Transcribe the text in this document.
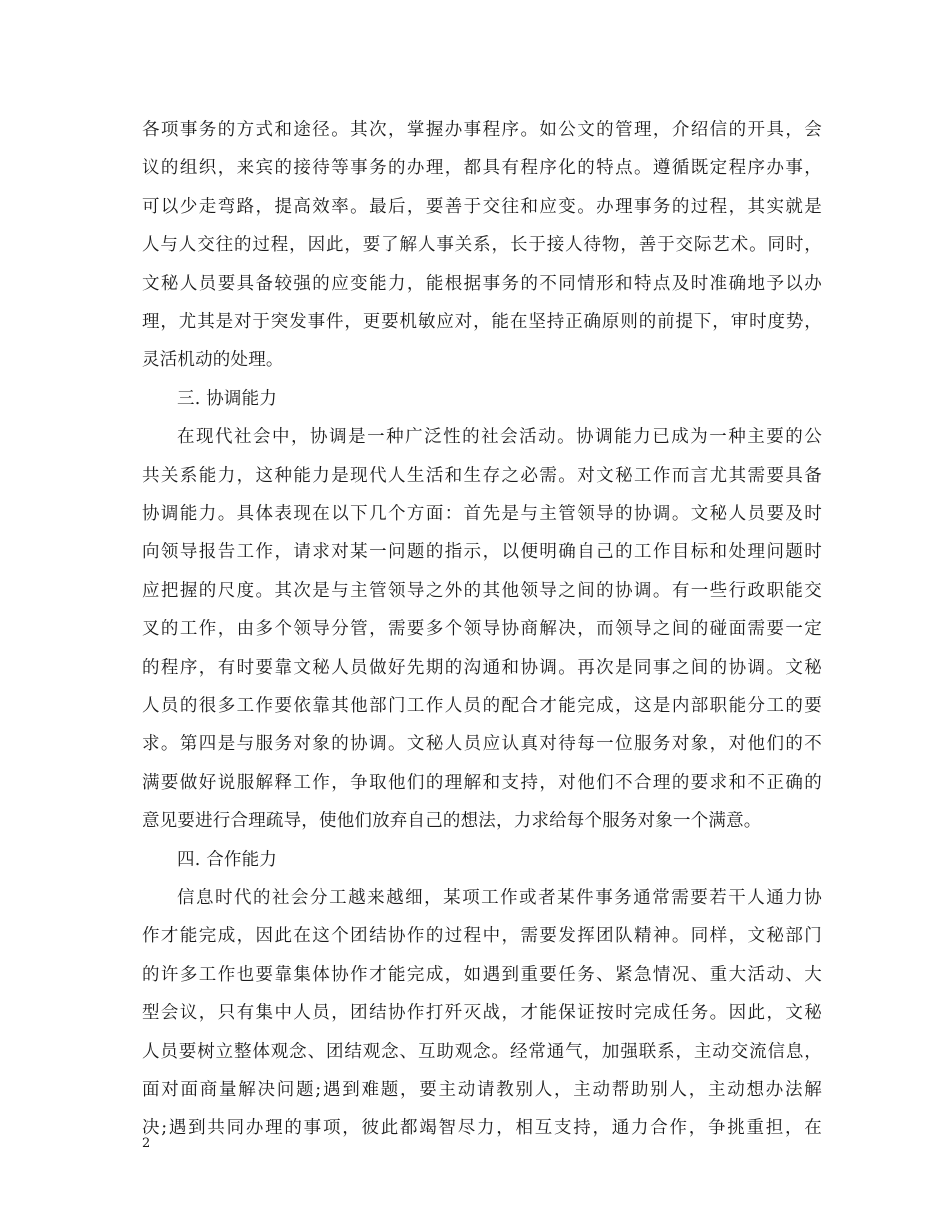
各项事务的方式和途径。其次，掌握办事程序。如公文的管理，介绍信的开具，会
议的组织，来宾的接待等事务的办理，都具有程序化的特点。遵循既定程序办事，
可以少走弯路，提高效率。最后，要善于交往和应变。办理事务的过程，其实就是
人与人交往的过程，因此，要了解人事关系，长于接人待物，善于交际艺术。同时，
文秘人员要具备较强的应变能力，能根据事务的不同情形和特点及时准确地予以办
理，尤其是对于突发事件，更要机敏应对，能在坚持正确原则的前提下，审时度势，
灵活机动的处理。
三. 协调能力
在现代社会中，协调是一种广泛性的社会活动。协调能力已成为一种主要的公
共关系能力，这种能力是现代人生活和生存之必需。对文秘工作而言尤其需要具备
协调能力。具体表现在以下几个方面：首先是与主管领导的协调。文秘人员要及时
向领导报告工作，请求对某一问题的指示，以便明确自己的工作目标和处理问题时
应把握的尺度。其次是与主管领导之外的其他领导之间的协调。有一些行政职能交
叉的工作，由多个领导分管，需要多个领导协商解决，而领导之间的碰面需要一定
的程序，有时要靠文秘人员做好先期的沟通和协调。再次是同事之间的协调。文秘
人员的很多工作要依靠其他部门工作人员的配合才能完成，这是内部职能分工的要
求。第四是与服务对象的协调。文秘人员应认真对待每一位服务对象，对他们的不
满要做好说服解释工作，争取他们的理解和支持，对他们不合理的要求和不正确的
意见要进行合理疏导，使他们放弃自己的想法，力求给每个服务对象一个满意。
四. 合作能力
信息时代的社会分工越来越细，某项工作或者某件事务通常需要若干人通力协
作才能完成，因此在这个团结协作的过程中，需要发挥团队精神。同样，文秘部门
的许多工作也要靠集体协作才能完成，如遇到重要任务、紧急情况、重大活动、大
型会议，只有集中人员，团结协作打歼灭战，才能保证按时完成任务。因此，文秘
人员要树立整体观念、团结观念、互助观念。经常通气，加强联系，主动交流信息，
面对面商量解决问题;遇到难题，要主动请教别人，主动帮助别人，主动想办法解
决;遇到共同办理的事项，彼此都竭智尽力，相互支持，通力合作，争挑重担，在
2
